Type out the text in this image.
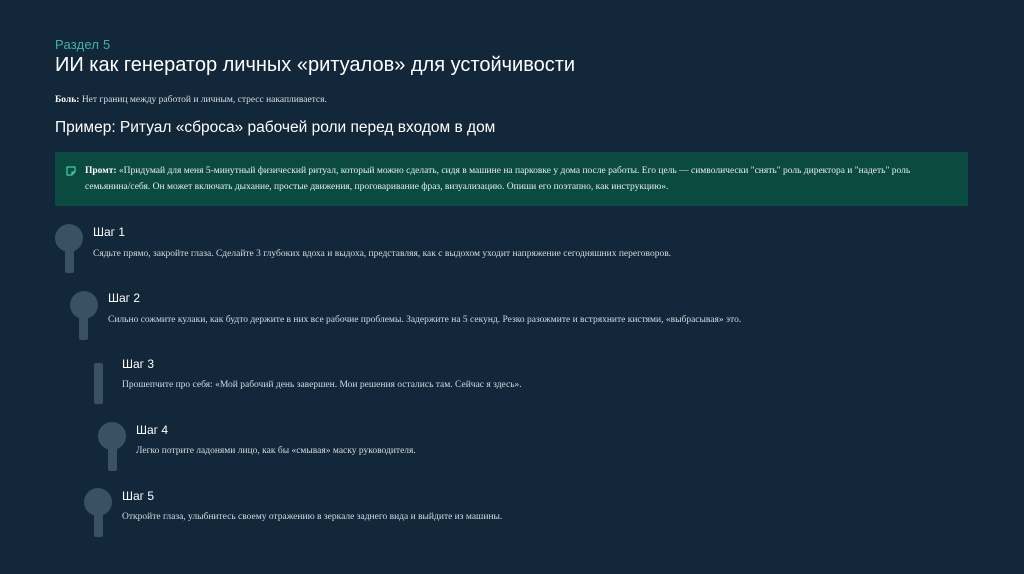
Раздел 5
ИИ как генератор личных «ритуалов» для устойчивости
Боль: Нет границ между работой и личным, стресс накапливается.
Пример: Ритуал «сброса» рабочей роли перед входом в дом
Промт: «Придумай для меня 5-минутный физический ритуал, который можно сделать, сидя в машине на парковке у дома после работы. Его цель — символически "снять" роль директора и "надеть" роль семьянина/себя. Он может включать дыхание, простые движения, проговаривание фраз, визуализацию. Опиши его поэтапно, как инструкцию».
Шаг 1
Сядьте прямо, закройте глаза. Сделайте 3 глубоких вдоха и выдоха, представляя, как с выдохом уходит напряжение сегодняшних переговоров.
Шаг 2
Сильно сожмите кулаки, как будто держите в них все рабочие проблемы. Задержите на 5 секунд. Резко разожмите и встряхните кистями, «выбрасывая» это.
Шаг 3
Прошепчите про себя: «Мой рабочий день завершен. Мои решения остались там. Сейчас я здесь».
Шаг 4
Легко потрите ладонями лицо, как бы «смывая» маску руководителя.
Шаг 5
Откройте глаза, улыбнитесь своему отражению в зеркале заднего вида и выйдите из машины.
